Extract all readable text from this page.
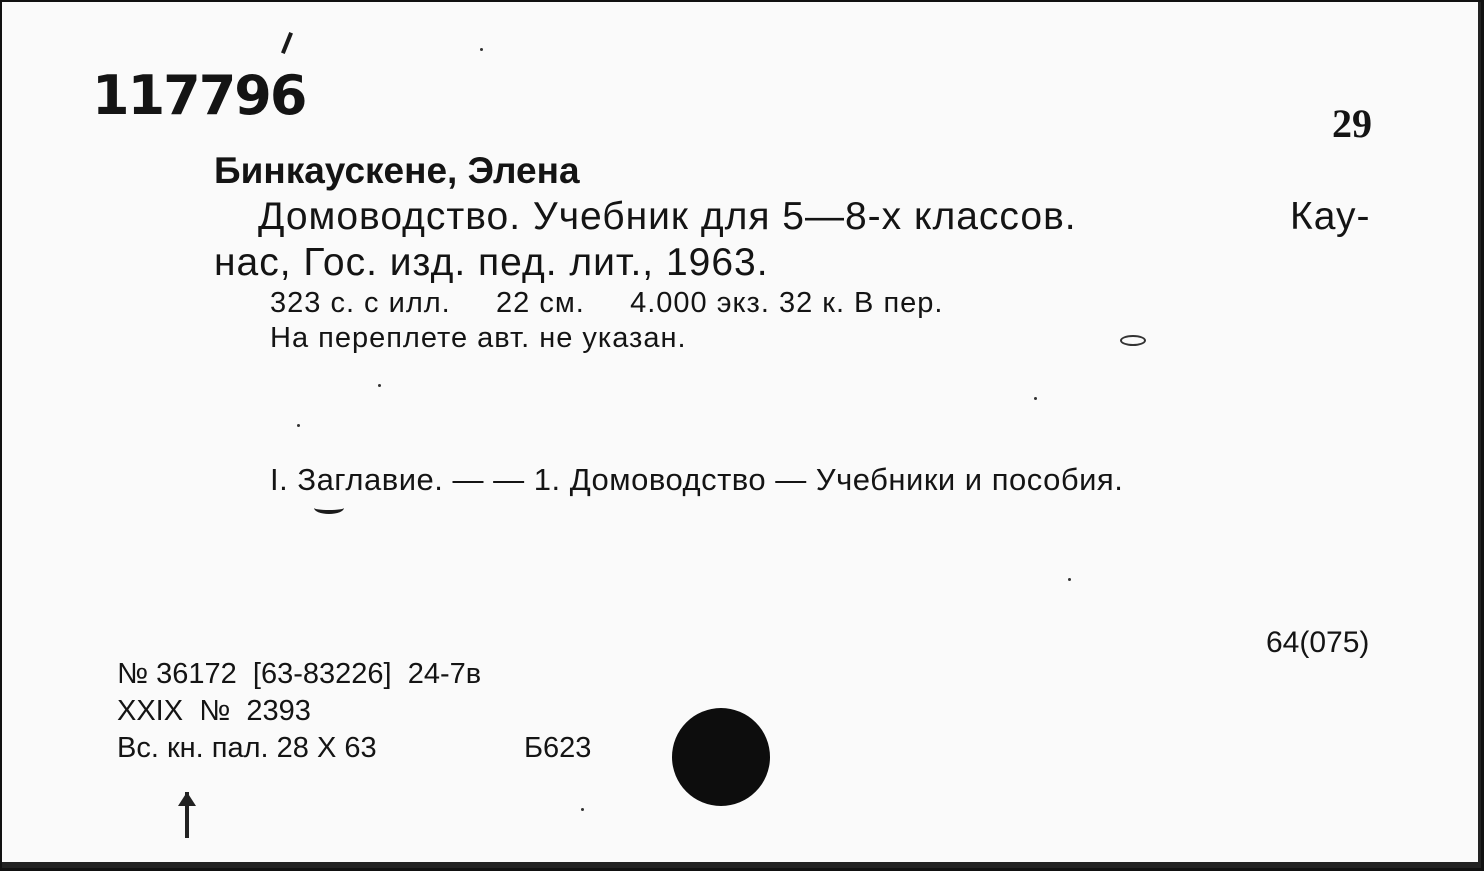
117796	29
Бинкаускене, Элена
Домоводство. Учебник для 5—8-х классов.	Кау-
нас, Гос. изд. пед. лит., 1963.
323 с. с илл.     22 см.     4.000 экз. 32 к. В пер.
На переплете авт. не указан.
I. Заглавие. — — 1. Домоводство — Учебники и пособия.
64(075)
№ 36172  [63-83226]  24-7в
XXIX  №  2393
Вс. кн. пал. 28 X 63	Б623
